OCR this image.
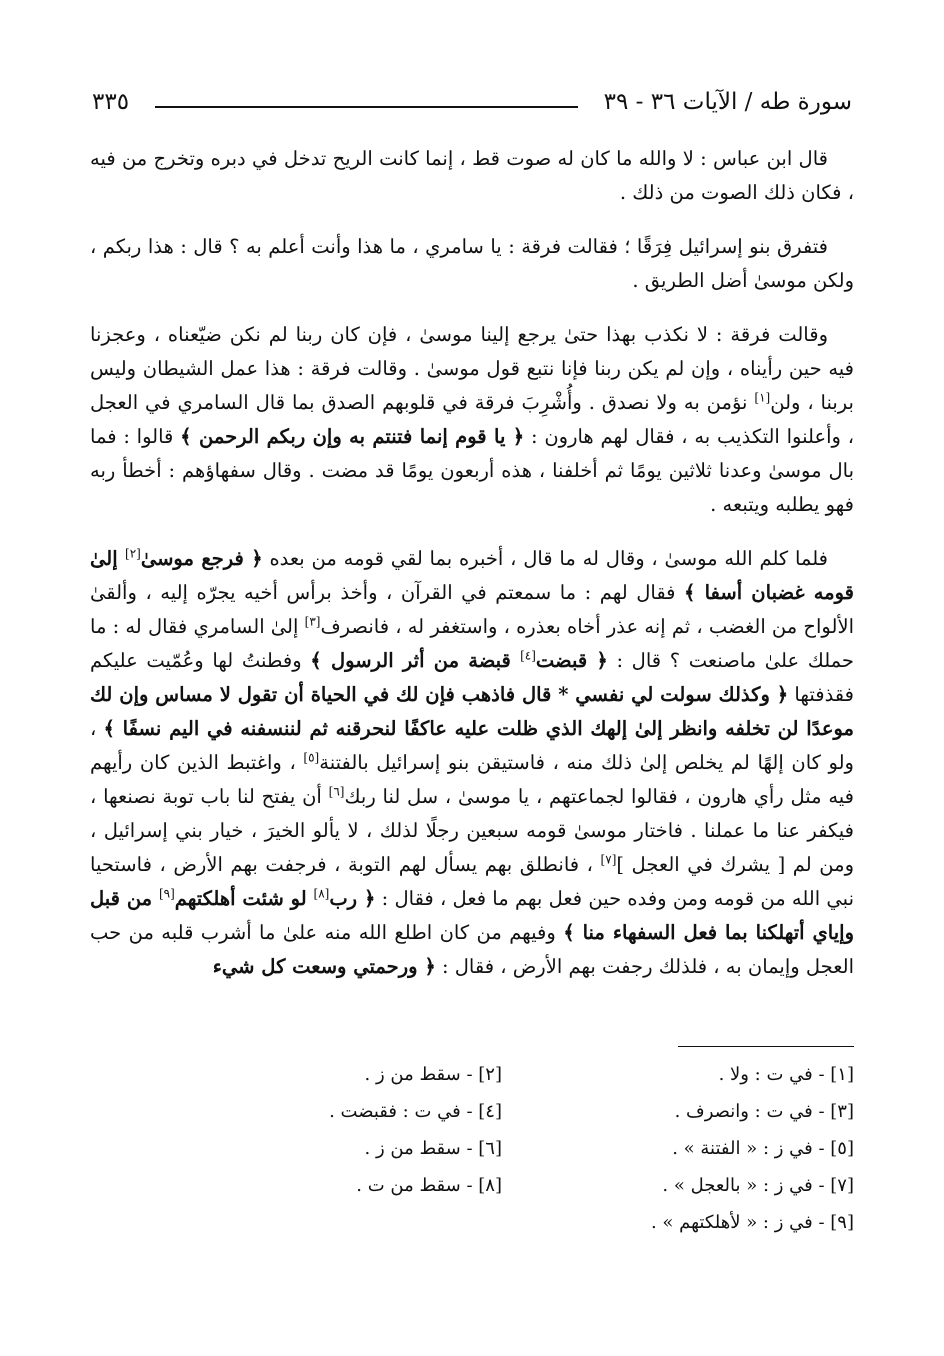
سورة طه / الآيات ٣٦ - ٣٩
٣٣٥

قال ابن عباس : لا والله ما كان له صوت قط ، إنما كانت الريح تدخل في دبره وتخرج من فيه ، فكان ذلك الصوت من ذلك .

فتفرق بنو إسرائيل فِرَقًا ؛ فقالت فرقة : يا سامري ، ما هذا وأنت أعلم به ؟ قال : هذا ربكم ، ولكن موسىٰ أضل الطريق .

وقالت فرقة : لا نكذب بهذا حتىٰ يرجع إلينا موسىٰ ، فإن كان ربنا لم نكن ضيّعناه ، وعجزنا فيه حين رأيناه ، وإن لم يكن ربنا فإنا نتبع قول موسىٰ . وقالت فرقة : هذا عمل الشيطان وليس بربنا ، ولن[١] نؤمن به ولا نصدق . وأُشْرِبَ فرقة في قلوبهم الصدق بما قال السامري في العجل ، وأعلنوا التكذيب به ، فقال لهم هارون : ﴿ يا قوم إنما فتنتم به وإن ربكم الرحمن ﴾ قالوا : فما بال موسىٰ وعدنا ثلاثين يومًا ثم أخلفنا ، هذه أربعون يومًا قد مضت . وقال سفهاؤهم : أخطأ ربه فهو يطلبه ويتبعه .

فلما كلم الله موسىٰ ، وقال له ما قال ، أخبره بما لقي قومه من بعده ﴿ فرجع موسىٰ[٢] إلىٰ قومه غضبان أسفا ﴾ فقال لهم : ما سمعتم في القرآن ، وأخذ برأس أخيه يجرّه إليه ، وألقىٰ الألواح من الغضب ، ثم إنه عذر أخاه بعذره ، واستغفر له ، فانصرف[٣] إلىٰ السامري فقال له : ما حملك علىٰ ماصنعت ؟ قال : ﴿ قبضت[٤] قبضة من أثر الرسول ﴾ وفطنتُ لها وعُمّيت عليكم فقذفتها ﴿ وكذلك سولت لي نفسي * قال فاذهب فإن لك في الحياة أن تقول لا مساس وإن لك موعدًا لن تخلفه وانظر إلىٰ إلهك الذي ظلت عليه عاكفًا لنحرقنه ثم لننسفنه في اليم نسفًا ﴾ ، ولو كان إلهًا لم يخلص إلىٰ ذلك منه ، فاستيقن بنو إسرائيل بالفتنة[٥] ، واغتبط الذين كان رأيهم فيه مثل رأي هارون ، فقالوا لجماعتهم ، يا موسىٰ ، سل لنا ربك[٦] أن يفتح لنا باب توبة نصنعها ، فيكفر عنا ما عملنا . فاختار موسىٰ قومه سبعين رجلًا لذلك ، لا يألو الخيرَ ، خيار بني إسرائيل ، ومن لم [ يشرك في العجل ][٧] ، فانطلق بهم يسأل لهم التوبة ، فرجفت بهم الأرض ، فاستحيا نبي الله من قومه ومن وفده حين فعل بهم ما فعل ، فقال : ﴿ رب[٨] لو شئت أهلكتهم[٩] من قبل وإياي أتهلكنا بما فعل السفهاء منا ﴾ وفيهم من كان اطلع الله منه علىٰ ما أشرب قلبه من حب العجل وإيمان به ، فلذلك رجفت بهم الأرض ، فقال : ﴿ ورحمتي وسعت كل شيء

[١] - في ت : ولا .
[٣] - في ت : وانصرف .
[٥] - في ز : « الفتنة » .
[٧] - في ز : « بالعجل » .
[٩] - في ز : « لأهلكتهم » .
[٢] - سقط من ز .
[٤] - في ت : فقبضت .
[٦] - سقط من ز .
[٨] - سقط من ت .
